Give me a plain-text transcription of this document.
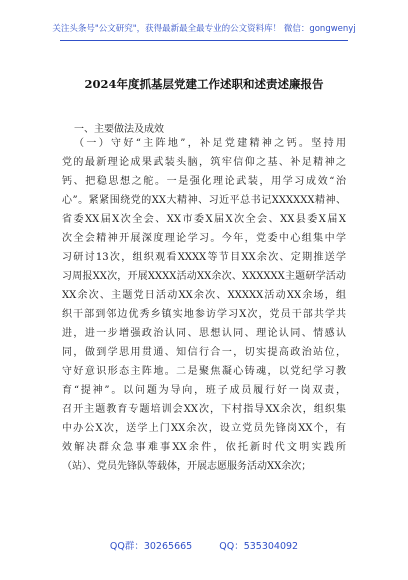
关注头条号"公文研究"，获得最新最全最专业的公文资料库！ 微信：gongwenyj
2024年度抓基层党建工作述职和述责述廉报告
一、主要做法及成效
（一）守好“主阵地”，补足党建精神之钙。坚持用
党的最新理论成果武装头脑，筑牢信仰之基、补足精神之
钙、把稳思想之舵。一是强化理论武装，用学习成效“治
心”。紧紧围绕党的XX大精神、习近平总书记XXXXXX精神、
省委XX届X次全会、XX市委X届X次全会、XX县委X届X
次全会精神开展深度理论学习。今年，党委中心组集中学
习研讨13次，组织观看XXXX等节目XX余次、定期推送学
习周报XX次，开展XXXX活动XX余次、XXXXXX主题研学活动
XX余次、主题党日活动XX余次、XXXXX活动XX余场，组
织干部到邻边优秀乡镇实地参访学习X次，党员干部共学共
进，进一步增强政治认同、思想认同、理论认同、情感认
同，做到学思用贯通、知信行合一，切实提高政治站位，
守好意识形态主阵地。二是聚焦凝心铸魂，以党纪学习教
育“提神”。以问题为导向，班子成员履行好一岗双责，
召开主题教育专题培训会XX次，下村指导XX余次，组织集
中办公X次，送学上门XX余次，设立党员先锋岗XX个，有
效解决群众急事难事XX余件，依托新时代文明实践所
（站）、党员先锋队等载体，开展志愿服务活动XX余次；
QQ群：30265665	QQ：535304092
